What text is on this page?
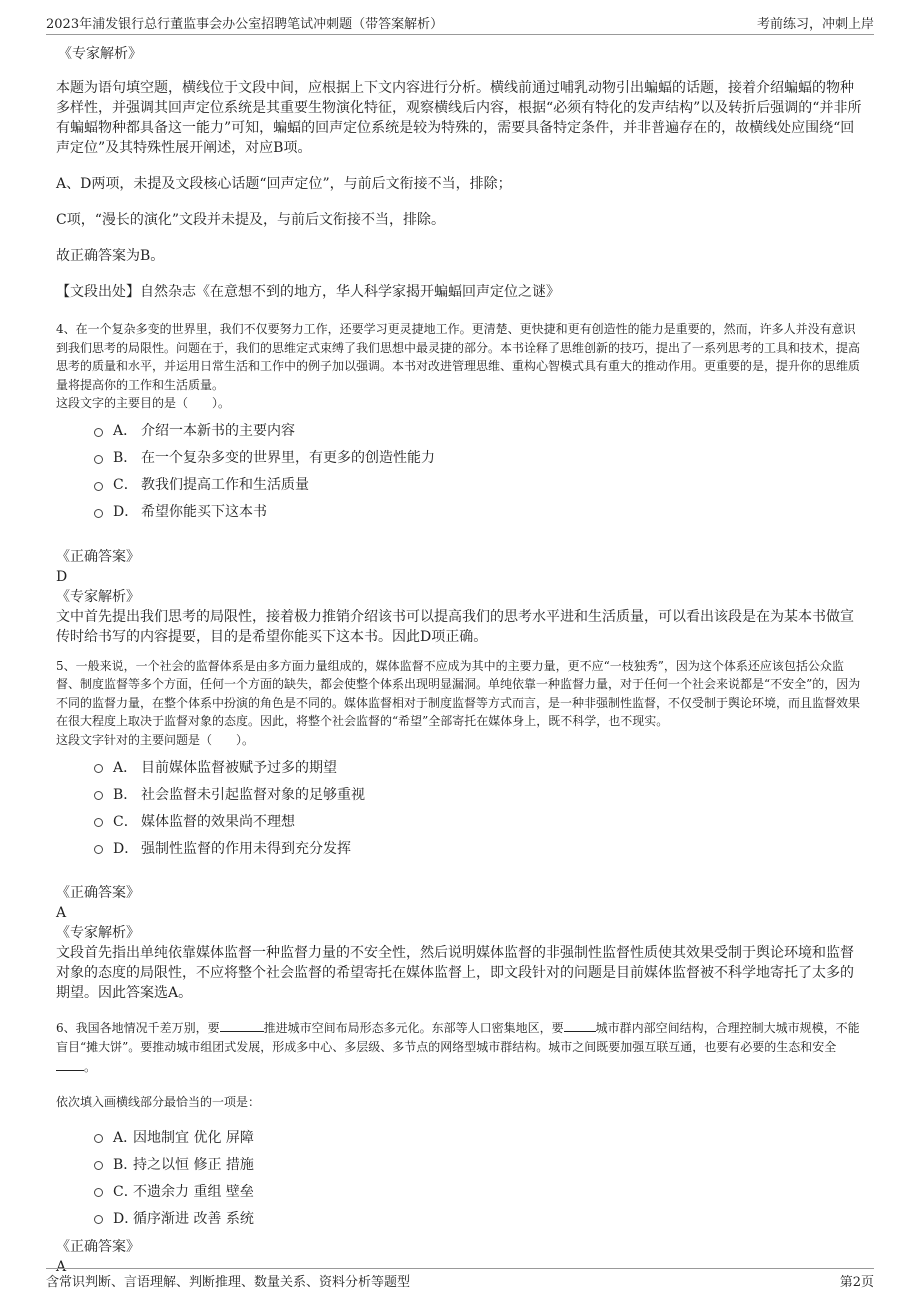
2023年浦发银行总行董监事会办公室招聘笔试冲刺题（带答案解析）	考前练习，冲刺上岸

《专家解析》

本题为语句填空题，横线位于文段中间，应根据上下文内容进行分析。横线前通过哺乳动物引出蝙蝠的话题，接着介绍蝙蝠的物种多样性，并强调其回声定位系统是其重要生物演化特征，观察横线后内容，根据“必须有特化的发声结构”以及转折后强调的“并非所有蝙蝠物种都具备这一能力”可知，蝙蝠的回声定位系统是较为特殊的，需要具备特定条件，并非普遍存在的，故横线处应围绕“回声定位”及其特殊性展开阐述，对应B项。

A、D两项，未提及文段核心话题“回声定位”，与前后文衔接不当，排除；

C项，“漫长的演化”文段并未提及，与前后文衔接不当，排除。

故正确答案为B。

【文段出处】自然杂志《在意想不到的地方，华人科学家揭开蝙蝠回声定位之谜》

4、在一个复杂多变的世界里，我们不仅要努力工作，还要学习更灵捷地工作。更清楚、更快捷和更有创造性的能力是重要的，然而，许多人并没有意识到我们思考的局限性。问题在于，我们的思维定式束缚了我们思想中最灵捷的部分。本书诠释了思维创新的技巧，提出了一系列思考的工具和技术，提高思考的质量和水平，并运用日常生活和工作中的例子加以强调。本书对改进管理思维、重构心智模式具有重大的推动作用。更重要的是，提升你的思维质量将提高你的工作和生活质量。

这段文字的主要目的是（　　）。

A． 介绍一本新书的主要内容
B． 在一个复杂多变的世界里，有更多的创造性能力
C． 教我们提高工作和生活质量
D． 希望你能买下这本书

《正确答案》

D

《专家解析》

文中首先提出我们思考的局限性，接着极力推销介绍该书可以提高我们的思考水平进和生活质量，可以看出该段是在为某本书做宣传时给书写的内容提要，目的是希望你能买下这本书。因此D项正确。

5、一般来说，一个社会的监督体系是由多方面力量组成的，媒体监督不应成为其中的主要力量，更不应“一枝独秀”，因为这个体系还应该包括公众监督、制度监督等多个方面，任何一个方面的缺失，都会使整个体系出现明显漏洞。单纯依靠一种监督力量，对于任何一个社会来说都是“不安全”的，因为不同的监督力量，在整个体系中扮演的角色是不同的。媒体监督相对于制度监督等方式而言，是一种非强制性监督，不仅受制于舆论环境，而且监督效果在很大程度上取决于监督对象的态度。因此，将整个社会监督的“希望”全部寄托在媒体身上，既不科学，也不现实。

这段文字针对的主要问题是（　　）。

A． 目前媒体监督被赋予过多的期望
B． 社会监督未引起监督对象的足够重视
C． 媒体监督的效果尚不理想
D． 强制性监督的作用未得到充分发挥

《正确答案》

A

《专家解析》

文段首先指出单纯依靠媒体监督一种监督力量的不安全性，然后说明媒体监督的非强制性监督性质使其效果受制于舆论环境和监督对象的态度的局限性，不应将整个社会监督的希望寄托在媒体监督上，即文段针对的问题是目前媒体监督被不科学地寄托了太多的期望。因此答案选A。

6、我国各地情况千差万别，要	推进城市空间布局形态多元化。东部等人口密集地区，要	城市群内部空间结构，合理控制大城市规模，不能盲目“摊大饼”。要推动城市组团式发展，形成多中心、多层级、多节点的网络型城市群结构。城市之间既要加强互联互通，也要有必要的生态和安全。

依次填入画横线部分最恰当的一项是：

A．
因地制宜 优化 屏障
B．
持之以恒 修正 措施
C．
不遗余力 重组 壁垒
D．
循序渐进 改善 系统

《正确答案》

A

含常识判断、言语理解、判断推理、数量关系、资料分析等题型	第2页
